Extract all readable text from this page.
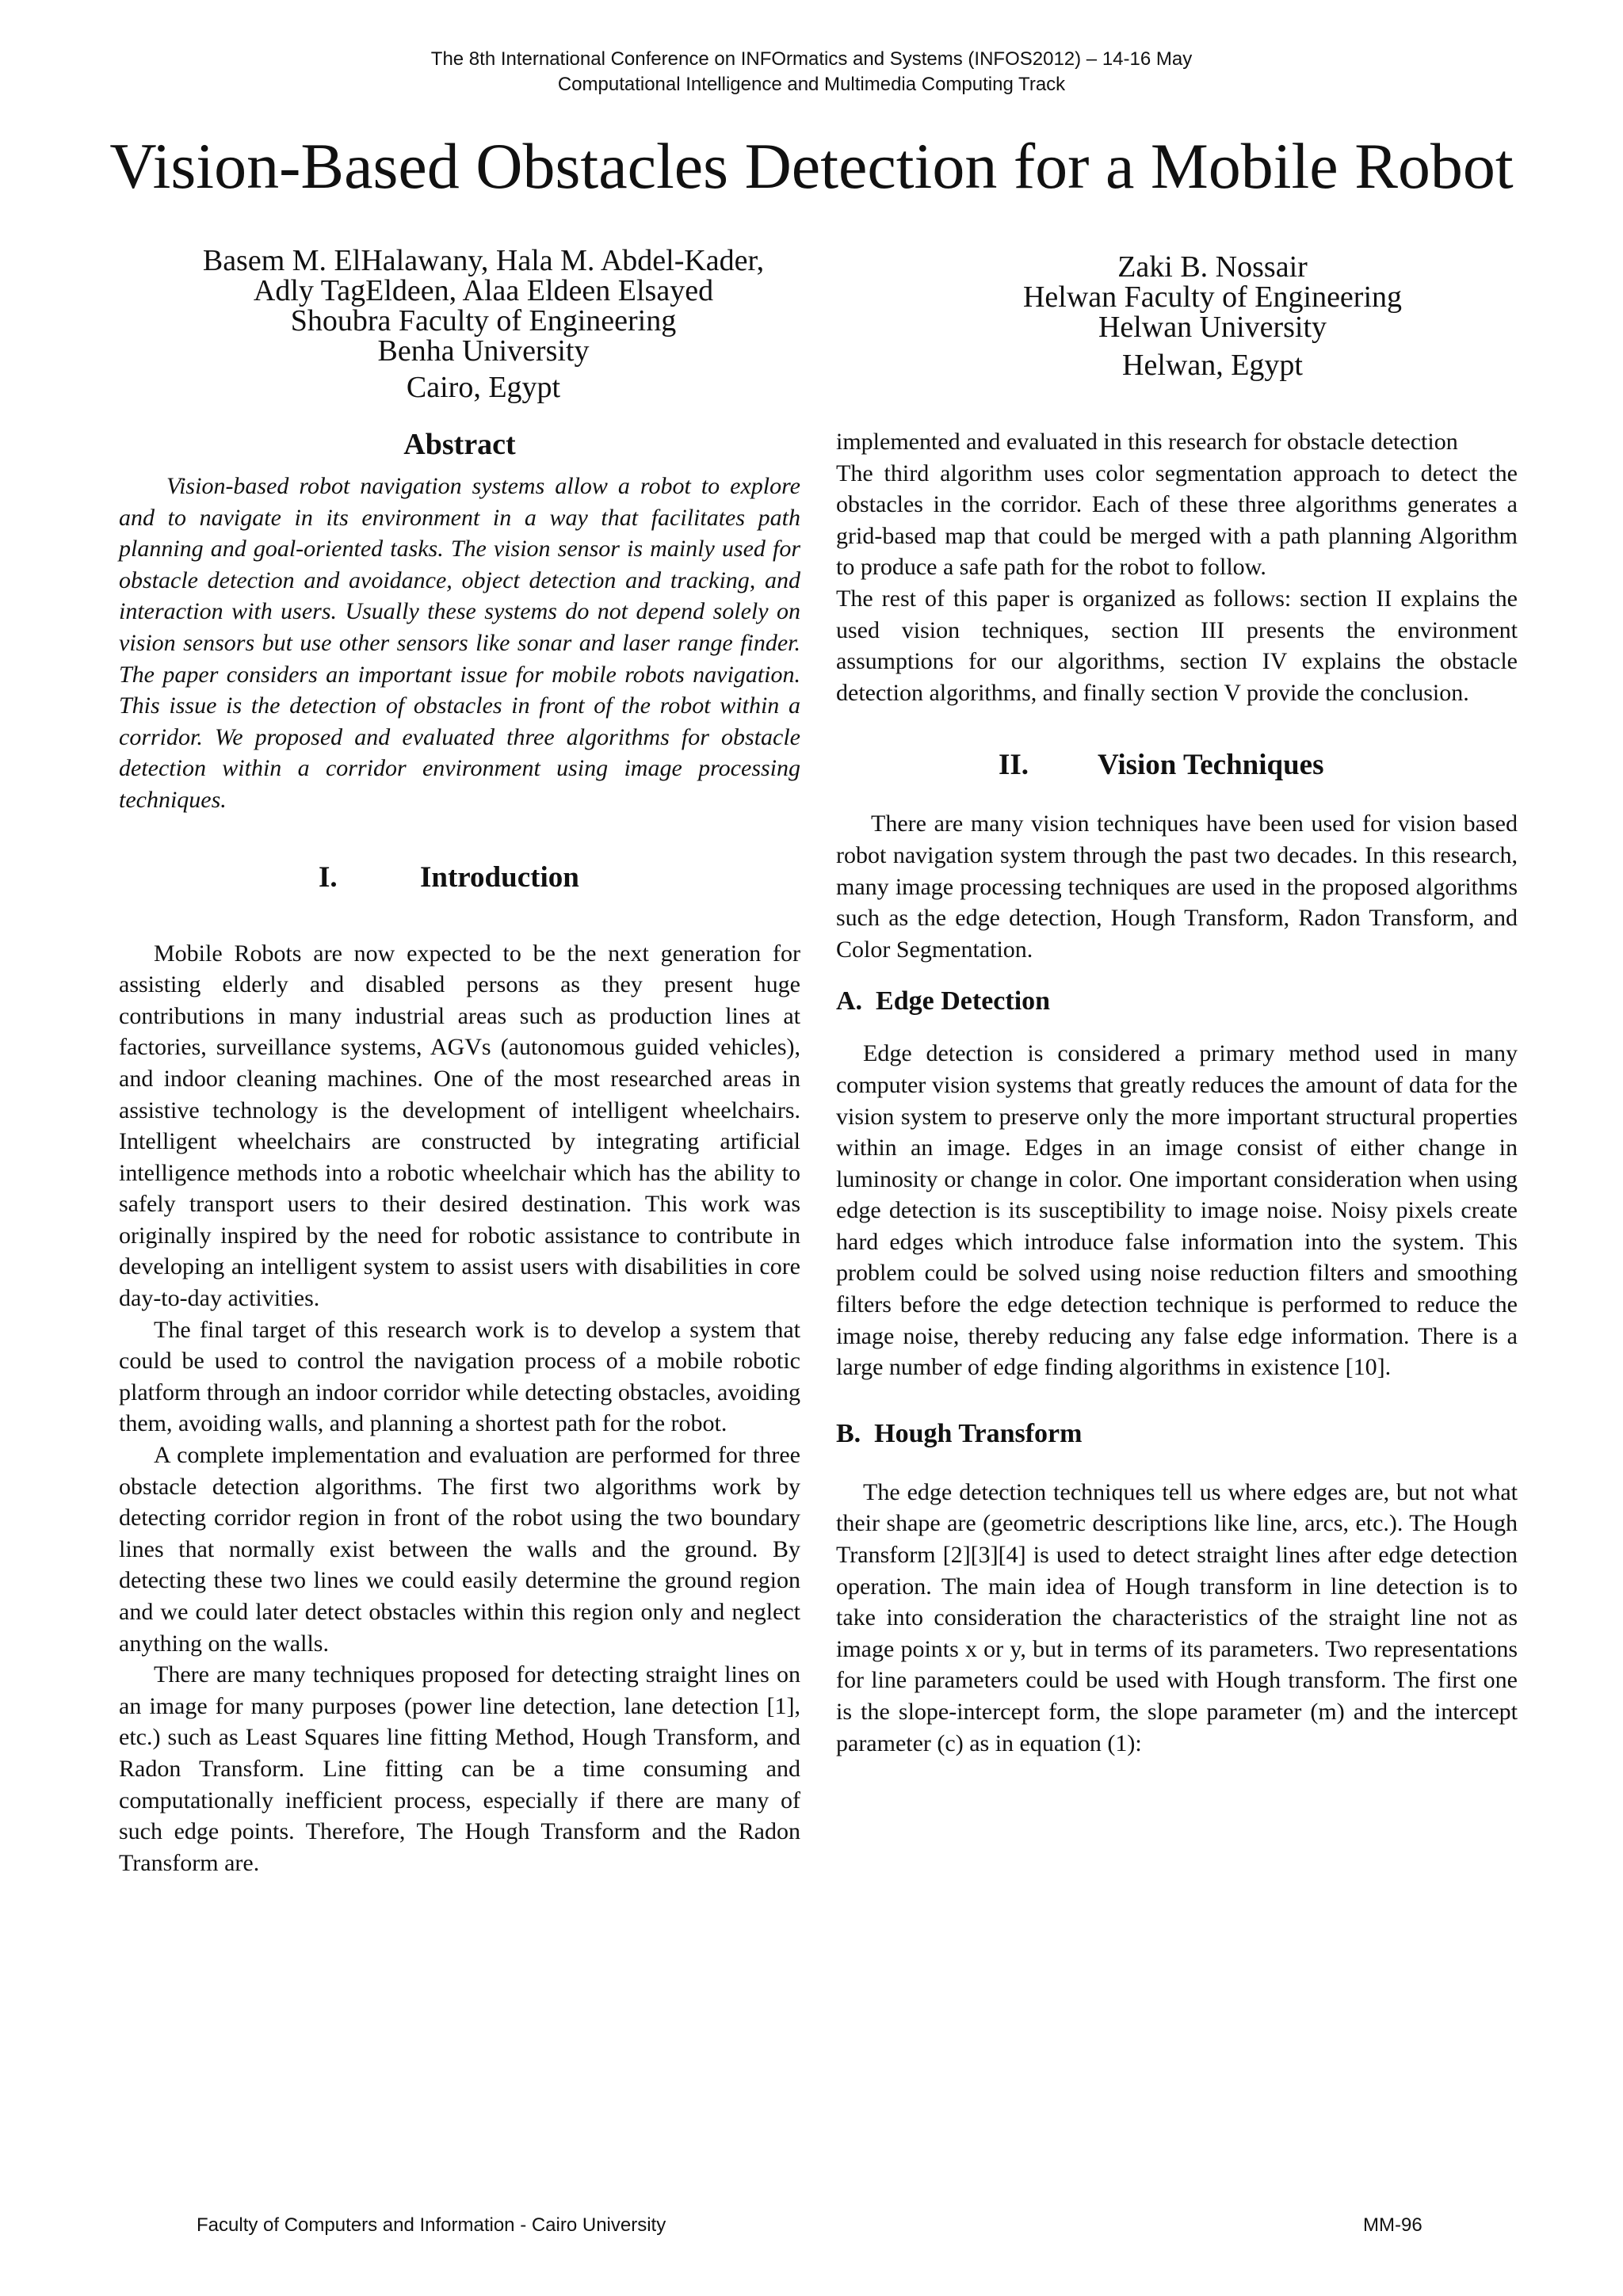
The 8th International Conference on INFOrmatics and Systems (INFOS2012) – 14-16 May
Computational Intelligence and Multimedia Computing Track
Vision-Based Obstacles Detection for a Mobile Robot
Basem M. ElHalawany, Hala M. Abdel-Kader,
Adly TagEldeen, Alaa Eldeen Elsayed
Shoubra Faculty of Engineering
Benha University
Cairo, Egypt
Zaki B. Nossair
Helwan Faculty of Engineering
Helwan University
Helwan, Egypt
Abstract

Vision-based robot navigation systems allow a robot to explore and to navigate in its environment in a way that facilitates path planning and goal-oriented tasks. The vision sensor is mainly used for obstacle detection and avoidance, object detection and tracking, and interaction with users. Usually these systems do not depend solely on vision sensors but use other sensors like sonar and laser range finder. The paper considers an important issue for mobile robots navigation. This issue is the detection of obstacles in front of the robot within a corridor. We proposed and evaluated three algorithms for obstacle detection within a corridor environment using image processing techniques.

I.	Introduction

Mobile Robots are now expected to be the next generation for assisting elderly and disabled persons as they present huge contributions in many industrial areas such as production lines at factories, surveillance systems, AGVs (autonomous guided vehicles), and indoor cleaning machines. One of the most researched areas in assistive technology is the development of intelligent wheelchairs. Intelligent wheelchairs are constructed by integrating artificial intelligence methods into a robotic wheelchair which has the ability to safely transport users to their desired destination. This work was originally inspired by the need for robotic assistance to contribute in developing an intelligent system to assist users with disabilities in core day-to-day activities.

The final target of this research work is to develop a system that could be used to control the navigation process of a mobile robotic platform through an indoor corridor while detecting obstacles, avoiding them, avoiding walls, and planning a shortest path for the robot.

A complete implementation and evaluation are performed for three obstacle detection algorithms. The first two algorithms work by detecting corridor region in front of the robot using the two boundary lines that normally exist between the walls and the ground. By detecting these two lines we could easily determine the ground region and we could later detect obstacles within this region only and neglect anything on the walls.

There are many techniques proposed for detecting straight lines on an image for many purposes (power line detection, lane detection [1], etc.) such as Least Squares line fitting Method, Hough Transform, and Radon Transform. Line fitting can be a time consuming and computationally inefficient process, especially if there are many of such edge points. Therefore, The Hough Transform and the Radon Transform are.

implemented and evaluated in this research for obstacle detection

The third algorithm uses color segmentation approach to detect the obstacles in the corridor. Each of these three algorithms generates a grid-based map that could be merged with a path planning Algorithm to produce a safe path for the robot to follow.

The rest of this paper is organized as follows: section II explains the used vision techniques, section III presents the environment assumptions for our algorithms, section IV explains the obstacle detection algorithms, and finally section V provide the conclusion.

II. Vision Techniques

There are many vision techniques have been used for vision based robot navigation system through the past two decades. In this research, many image processing techniques are used in the proposed algorithms such as the edge detection, Hough Transform, Radon Transform, and Color Segmentation.

A.  Edge Detection

Edge detection is considered a primary method used in many computer vision systems that greatly reduces the amount of data for the vision system to preserve only the more important structural properties within an image. Edges in an image consist of either change in luminosity or change in color. One important consideration when using edge detection is its susceptibility to image noise. Noisy pixels create hard edges which introduce false information into the system. This problem could be solved using noise reduction filters and smoothing filters before the edge detection technique is performed to reduce the image noise, thereby reducing any false edge information. There is a large number of edge finding algorithms in existence [10].

B.  Hough Transform

The edge detection techniques tell us where edges are, but not what their shape are (geometric descriptions like line, arcs, etc.). The Hough Transform [2][3][4] is used to detect straight lines after edge detection operation. The main idea of Hough transform in line detection is to take into consideration the characteristics of the straight line not as image points x or y, but in terms of its parameters. Two representations for line parameters could be used with Hough transform. The first one is the slope-intercept form, the slope parameter (m) and the intercept parameter (c) as in equation (1):

Faculty of Computers and Information - Cairo University	MM-96
